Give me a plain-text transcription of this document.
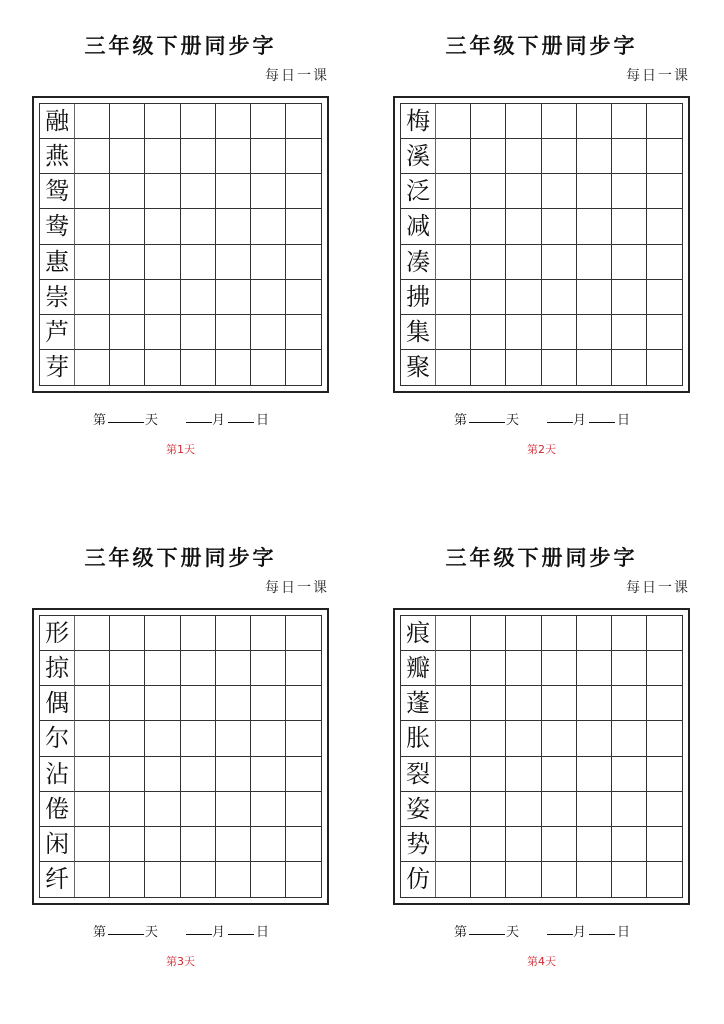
三年级下册同步字
每日一课
融
燕
鸳
鸯
惠
崇
芦
芽
第	天	月 日
第1天
三年级下册同步字
每日一课
梅
溪
泛
减
凑
拂
集
聚
第	天	月 日
第2天
三年级下册同步字
每日一课
形
掠
偶
尔
沾
倦
闲
纤
第	天	月 日
第3天
三年级下册同步字
每日一课
痕
瓣
蓬
胀
裂
姿
势
仿
第	天	月 日
第4天
